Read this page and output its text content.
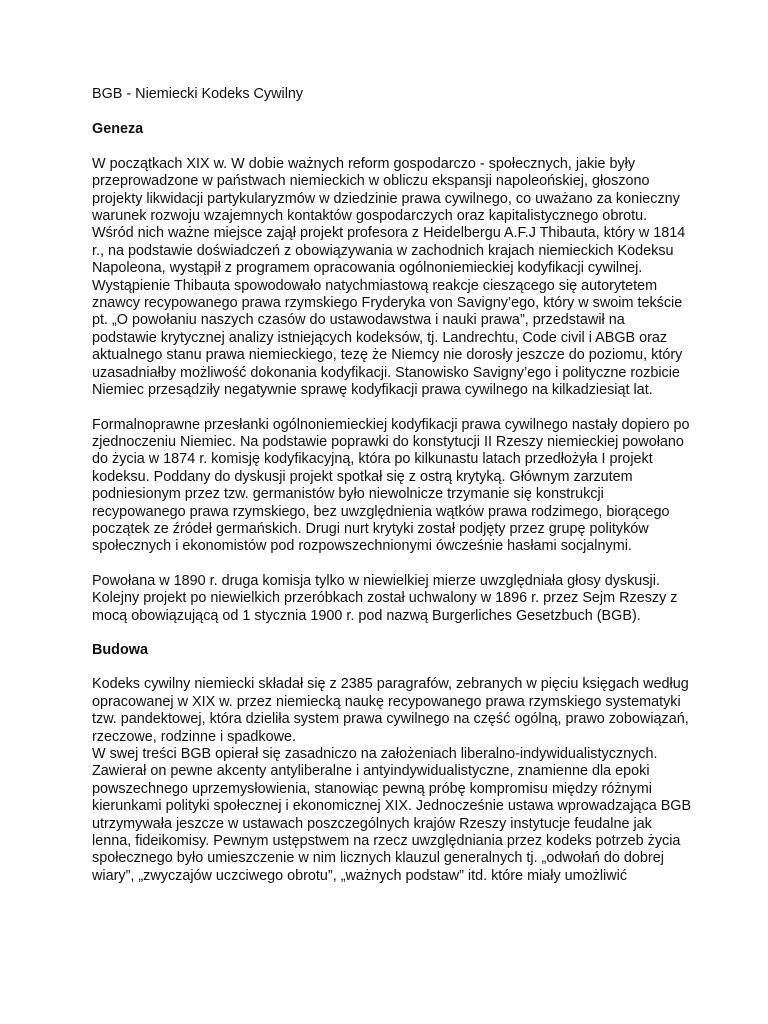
BGB - Niemiecki Kodeks Cywilny

Geneza

W początkach XIX w. W dobie ważnych reform gospodarczo - społecznych, jakie były przeprowadzone w państwach niemieckich w obliczu ekspansji napoleońskiej, głoszono projekty likwidacji partykularyzmów w dziedzinie prawa cywilnego, co uważano za konieczny warunek rozwoju wzajemnych kontaktów gospodarczych oraz kapitalistycznego obrotu. Wśród nich ważne miejsce zajął projekt profesora z Heidelbergu A.F.J Thibauta, który w 1814 r., na podstawie doświadczeń z obowiązywania w zachodnich krajach niemieckich Kodeksu Napoleona, wystąpił z programem opracowania ogólnoniemieckiej kodyfikacji cywilnej.

Wystąpienie Thibauta spowodowało natychmiastową reakcje cieszącego się autorytetem znawcy recypowanego prawa rzymskiego Fryderyka von Savigny’ego, który w swoim tekście pt. „O powołaniu naszych czasów do ustawodawstwa i nauki prawa”, przedstawił na podstawie krytycznej analizy istniejących kodeksów, tj. Landrechtu, Code civil i ABGB oraz aktualnego stanu prawa niemieckiego, tezę że Niemcy nie dorosły jeszcze do poziomu, który uzasadniałby możliwość dokonania kodyfikacji. Stanowisko Savigny’ego i polityczne rozbicie Niemiec przesądziły negatywnie sprawę kodyfikacji prawa cywilnego na kilkadziesiąt lat.

Formalnoprawne przesłanki ogólnoniemieckiej kodyfikacji prawa cywilnego nastały dopiero po zjednoczeniu Niemiec. Na podstawie poprawki do konstytucji II Rzeszy niemieckiej powołano do życia w 1874 r. komisję kodyfikacyjną, która po kilkunastu latach przedłożyła I projekt kodeksu. Poddany do dyskusji projekt spotkał się z ostrą krytyką. Głównym zarzutem podniesionym przez tzw. germanistów było niewolnicze trzymanie się konstrukcji recypowanego prawa rzymskiego, bez uwzględnienia wątków prawa rodzimego, biorącego początek ze źródeł germańskich. Drugi nurt krytyki został podjęty przez grupę polityków społecznych i ekonomistów pod rozpowszechnionymi ówcześnie hasłami socjalnymi.

Powołana w 1890 r. druga komisja tylko w niewielkiej mierze uwzględniała głosy dyskusji. Kolejny projekt po niewielkich przeróbkach został uchwalony w 1896 r. przez Sejm Rzeszy z mocą obowiązującą od 1 stycznia 1900 r. pod nazwą Burgerliches Gesetzbuch (BGB).

Budowa

Kodeks cywilny niemiecki składał się z 2385 paragrafów, zebranych w pięciu księgach według opracowanej w XIX w. przez niemiecką naukę recypowanego prawa rzymskiego systematyki tzw. pandektowej, która dzieliła system prawa cywilnego na część ogólną, prawo zobowiązań, rzeczowe, rodzinne i spadkowe.

W swej treści BGB opierał się zasadniczo na założeniach liberalno-indywidualistycznych. Zawierał on pewne akcenty antyliberalne i antyindywidualistyczne, znamienne dla epoki powszechnego uprzemysłowienia, stanowiąc pewną próbę kompromisu między różnymi kierunkami polityki społecznej i ekonomicznej XIX. Jednocześnie ustawa wprowadzająca BGB utrzymywała jeszcze w ustawach poszczególnych krajów Rzeszy instytucje feudalne jak lenna, fideikomisy. Pewnym ustępstwem na rzecz uwzględniania przez kodeks potrzeb życia społecznego było umieszczenie w nim licznych klauzul generalnych tj. „odwołań do dobrej wiary”, „zwyczajów uczciwego obrotu”, „ważnych podstaw” itd. które miały umożliwić
